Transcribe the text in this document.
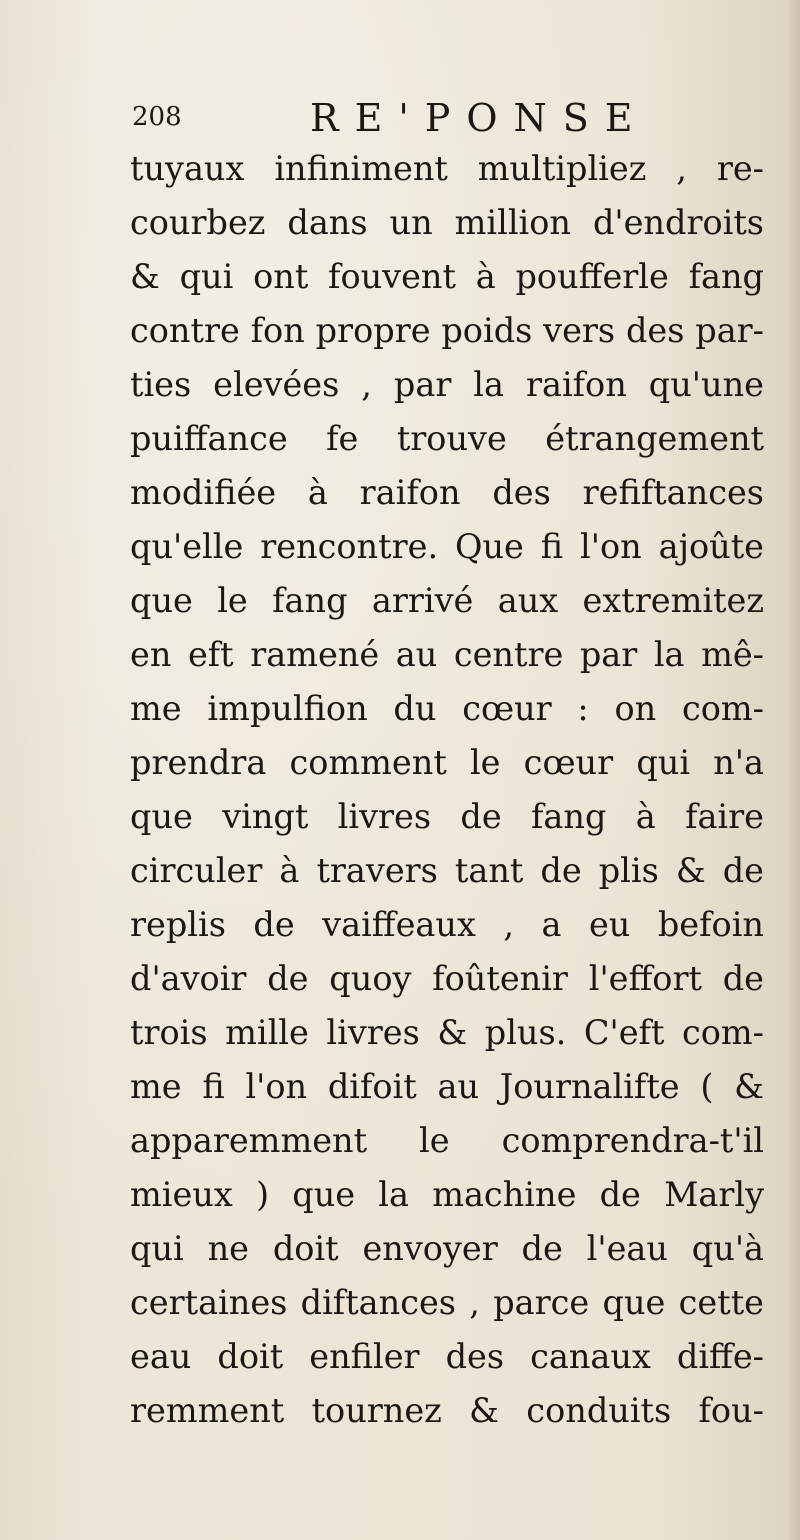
208	RE'PONSE
tuyaux infiniment multipliez , re-
courbez dans un million d'endroits
& qui ont fouvent à poufferle fang
contre fon propre poids vers des par-
ties elevées , par la raifon qu'une
puiffance fe trouve étrangement
modifiée à raifon des refiftances
qu'elle rencontre. Que fi l'on ajoûte
que le fang arrivé aux extremitez
en eft ramené au centre par la mê-
me impulfion du cœur : on com-
prendra comment le cœur qui n'a
que vingt livres de fang à faire
circuler à travers tant de plis & de
replis de vaiffeaux , a eu befoin
d'avoir de quoy foûtenir l'effort de
trois mille livres & plus. C'eft com-
me fi l'on difoit au Journalifte ( &
apparemment le comprendra-t'il
mieux ) que la machine de Marly
qui ne doit envoyer de l'eau qu'à
certaines diftances , parce que cette
eau doit enfiler des canaux diffe-
remment tournez & conduits fou-
